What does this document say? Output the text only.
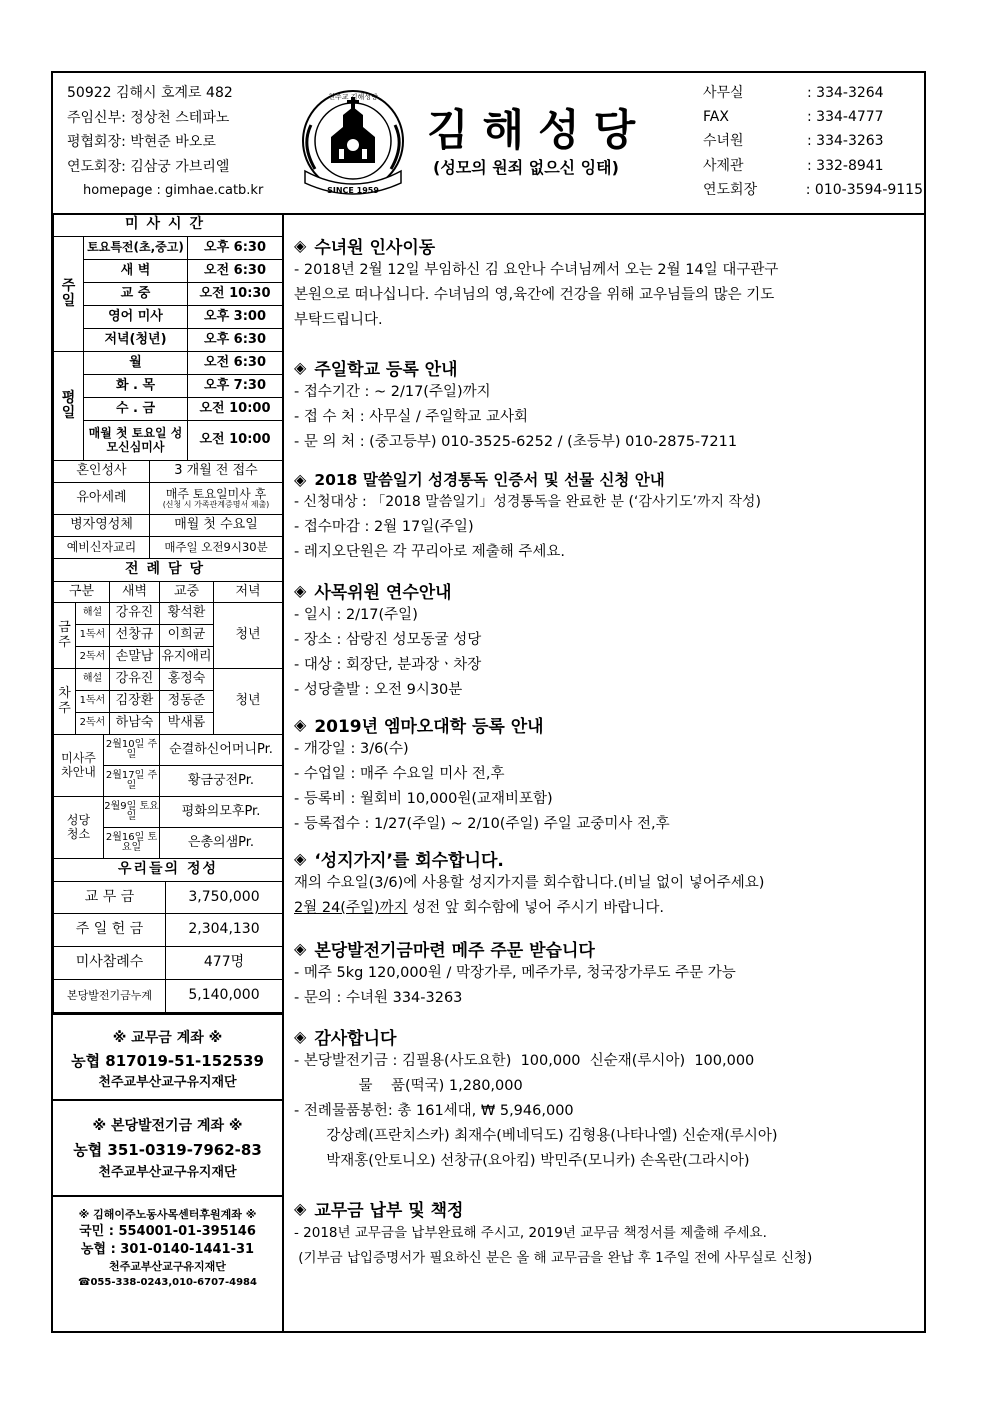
50922 김해시 호계로 482
주임신부: 정상천 스테파노
평협회장: 박현준 바오로
연도회장: 김삼궁 가브리엘
homepage : gimhae.catb.kr	SINCE 1959
천주교 김해성당
김해성당
(성모의 원죄 없으신 잉태)
사무실	: 334-3264
FAX	: 334-4777
수녀원	: 334-3263
사제관	: 332-8941
연도회장	: 010-3594-9115
미사시간		
주일	토요특전(초,중고)	오후 6:30
	새 벽	오전 6:30
	교 중	오전 10:30
	영어 미사	오후 3:00
	저녁(청년)	오후 6:30
평일	월	오전 6:30
	화 . 목	오후 7:30
	수 . 금	오전 10:00
	매월 첫 토요일 성모신심미사	오전 10:00
혼인성사	3 개월 전 접수
유아세례	매주 토요일미사 후
(신청 시 가족관계증명서 제출)

병자영성체	매월 첫 수요일
예비신자교리	매주일 오전9시30분
전례담당				
구분		새벽	교중	저녁
금주	해설	강유진	황석환	청년
	1독서	선창규	이희균	
	2독서	손말남	유지애리	
차주	해설	강유진	홍정숙	청년
	1독서	김장환	정동준	
	2독서	하남숙	박새롬	
미사주차안내	2월10일 주일	순결하신어머니Pr.
	2월17일 주일	황금궁전Pr.
성당청소	2월9일 토요일	평화의모후Pr.
	2월16일 토요일	은총의샘Pr.
우리들의 정성	
교 무 금	3,750,000
주 일 헌 금	2,304,130
미사참례수	477명
본당발전기금누계	5,140,000
※ 교무금 계좌 ※
농협 817019-51-152539
천주교부산교구유지재단
※ 본당발전기금 계좌 ※
농협 351-0319-7962-83
천주교부산교구유지재단
※ 김해이주노동사목센터후원계좌 ※
국민 : 554001-01-395146
농협 : 301-0140-1441-31
천주교부산교구유지재단
☎055-338-0243,010-6707-4984
◈ 수녀원 인사이동

- 2018년 2월 12일 부임하신 김 요안나 수녀님께서 오는 2월 14일 대구관구

본원으로 떠나십니다. 수녀님의 영,육간에 건강을 위해 교우님들의 많은 기도

부탁드립니다.

◈ 주일학교 등록 안내

- 접수기간 : ~ 2/17(주일)까지

- 접 수 처 : 사무실 / 주일학교 교사회

- 문 의 처 : (중고등부) 010-3525-6252 / (초등부) 010-2875-7211

◈ 2018 말씀일기 성경통독 인증서 및 선물 신청 안내

- 신청대상 : 「2018 말씀일기」성경통독을 완료한 분 (‘감사기도’까지 작성)

- 접수마감 : 2월 17일(주일)

- 레지오단원은 각 꾸리아로 제출해 주세요.

◈ 사목위원 연수안내

- 일시 : 2/17(주일)

- 장소 : 삼랑진 성모동굴 성당

- 대상 : 회장단, 분과장ㆍ차장

- 성당출발 : 오전 9시30분

◈ 2019년 엠마오대학 등록 안내

- 개강일 : 3/6(수)

- 수업일 : 매주 수요일 미사 전,후

- 등록비 : 월회비 10,000원(교재비포함)

- 등록접수 : 1/27(주일) ~ 2/10(주일) 주일 교중미사 전,후

◈ ‘성지가지’를 회수합니다.

재의 수요일(3/6)에 사용할 성지가지를 회수합니다.(비닐 없이 넣어주세요)

2월 24(주일)까지 성전 앞 회수함에 넣어 주시기 바랍니다.

◈ 본당발전기금마련 메주 주문 받습니다

- 메주 5kg 120,000원 / 막장가루, 메주가루, 청국장가루도 주문 가능

- 문의 : 수녀원 334-3263

◈ 감사합니다

- 본당발전기금 : 김필용(사도요한)  100,000  신순재(루시아)  100,000

물    품(떡국) 1,280,000

- 전례물품봉헌: 총 161세대, ₩ 5,946,000

강상례(프란치스카) 최재수(베네딕도) 김형용(나타나엘) 신순재(루시아)

박재홍(안토니오) 선창규(요아킴) 박민주(모니카) 손옥란(그라시아)

◈ 교무금 납부 및 책정

- 2018년 교무금을 납부완료해 주시고, 2019년 교무금 책정서를 제출해 주세요.

(기부금 납입증명서가 필요하신 분은 올 해 교무금을 완납 후 1주일 전에 사무실로 신청)
